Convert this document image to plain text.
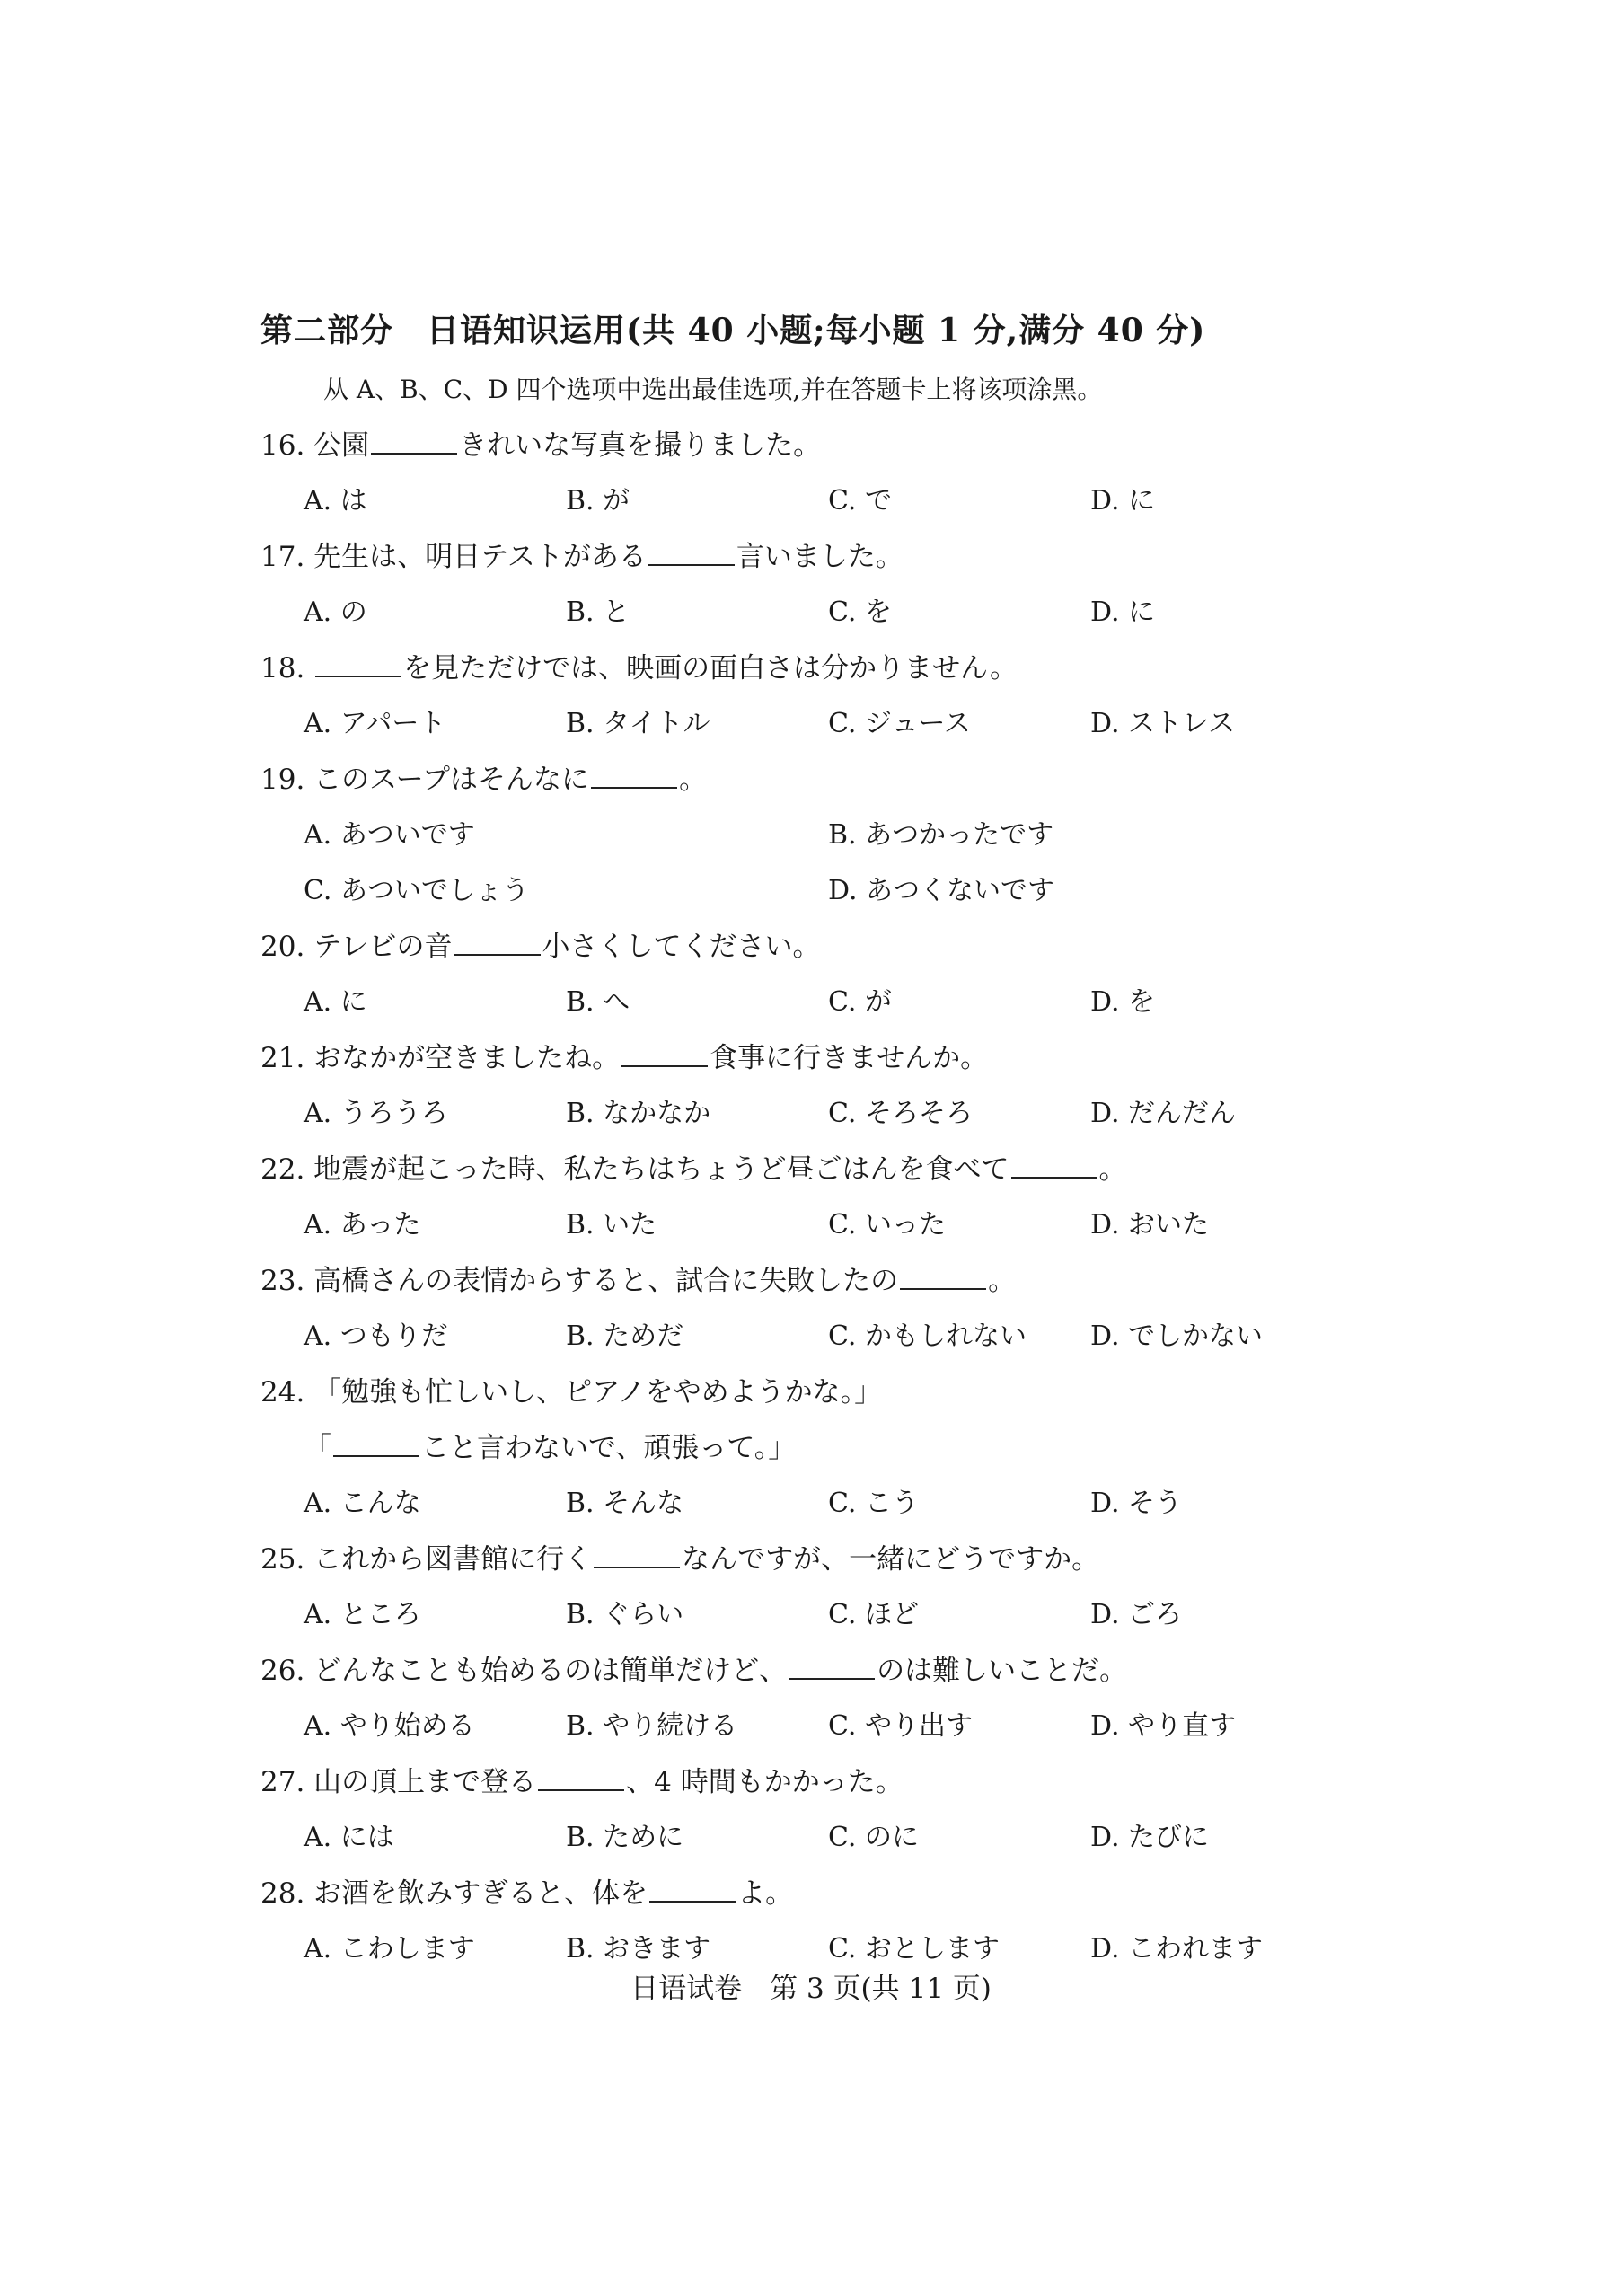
第二部分　日语知识运用(共 40 小题;每小题 1 分,满分 40 分)
从 A、B、C、D 四个选项中选出最佳选项,并在答题卡上将该项涂黑。
16. 公園	きれいな写真を撮りました。
A. は	B. が	C. で	D. に
17. 先生は、明日テストがある	言いました。
A. の	B. と	C. を	D. に
18.	を見ただけでは、映画の面白さは分かりません。
A. アパート	B. タイトル	C. ジュース	D. ストレス
19. このスープはそんなに	。
A. あついです	B. あつかったです
C. あついでしょう	D. あつくないです
20. テレビの音	小さくしてください。
A. に	B. へ	C. が	D. を
21. おなかが空きましたね。	食事に行きませんか。
A. うろうろ	B. なかなか	C. そろそろ	D. だんだん
22. 地震が起こった時、私たちはちょうど昼ごはんを食べて	。
A. あった	B. いた	C. いった	D. おいた
23. 高橋さんの表情からすると、試合に失敗したの	。
A. つもりだ	B. ためだ	C. かもしれない	D. でしかない
24. 「勉強も忙しいし、ピアノをやめようかな。」
「	こと言わないで、頑張って。」
A. こんな	B. そんな	C. こう	D. そう
25. これから図書館に行く	なんですが、一緒にどうですか。
A. ところ	B. ぐらい	C. ほど	D. ごろ
26. どんなことも始めるのは簡単だけど、	のは難しいことだ。
A. やり始める	B. やり続ける	C. やり出す	D. やり直す
27. 山の頂上まで登る	、4 時間もかかった。
A. には	B. ために	C. のに	D. たびに
28. お酒を飲みすぎると、体を	よ。
A. こわします	B. おきます	C. おとします	D. こわれます
日语试卷　第 3 页(共 11 页)
